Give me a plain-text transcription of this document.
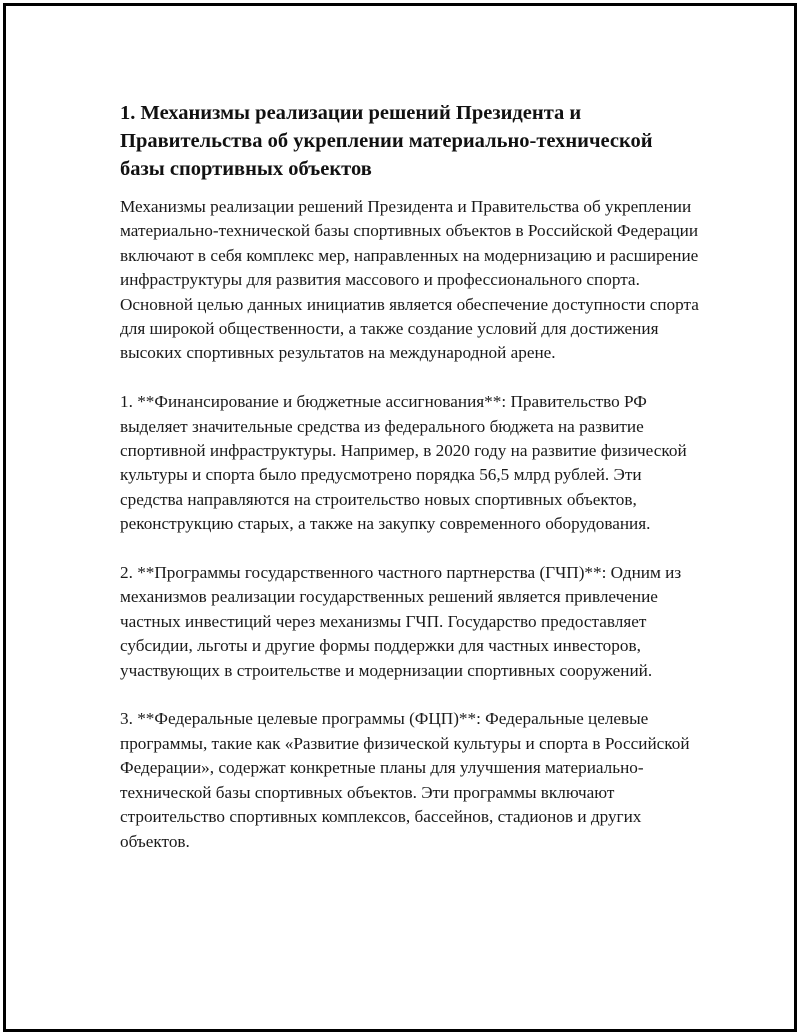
1. Механизмы реализации решений Президента и Правительства об укреплении материально-технической базы спортивных объектов

Механизмы реализации решений Президента и Правительства об укреплении материально-технической базы спортивных объектов в Российской Федерации включают в себя комплекс мер, направленных на модернизацию и расширение инфраструктуры для развития массового и профессионального спорта. Основной целью данных инициатив является обеспечение доступности спорта для широкой общественности, а также создание условий для достижения высоких спортивных результатов на международной арене.

1. **Финансирование и бюджетные ассигнования**: Правительство РФ выделяет значительные средства из федерального бюджета на развитие спортивной инфраструктуры. Например, в 2020 году на развитие физической культуры и спорта было предусмотрено порядка 56,5 млрд рублей. Эти средства направляются на строительство новых спортивных объектов, реконструкцию старых, а также на закупку современного оборудования.

2. **Программы государственного частного партнерства (ГЧП)**: Одним из механизмов реализации государственных решений является привлечение частных инвестиций через механизмы ГЧП. Государство предоставляет субсидии, льготы и другие формы поддержки для частных инвесторов, участвующих в строительстве и модернизации спортивных сооружений.

3. **Федеральные целевые программы (ФЦП)**: Федеральные целевые программы, такие как «Развитие физической культуры и спорта в Российской Федерации», содержат конкретные планы для улучшения материально-технической базы спортивных объектов. Эти программы включают строительство спортивных комплексов, бассейнов, стадионов и других объектов.
